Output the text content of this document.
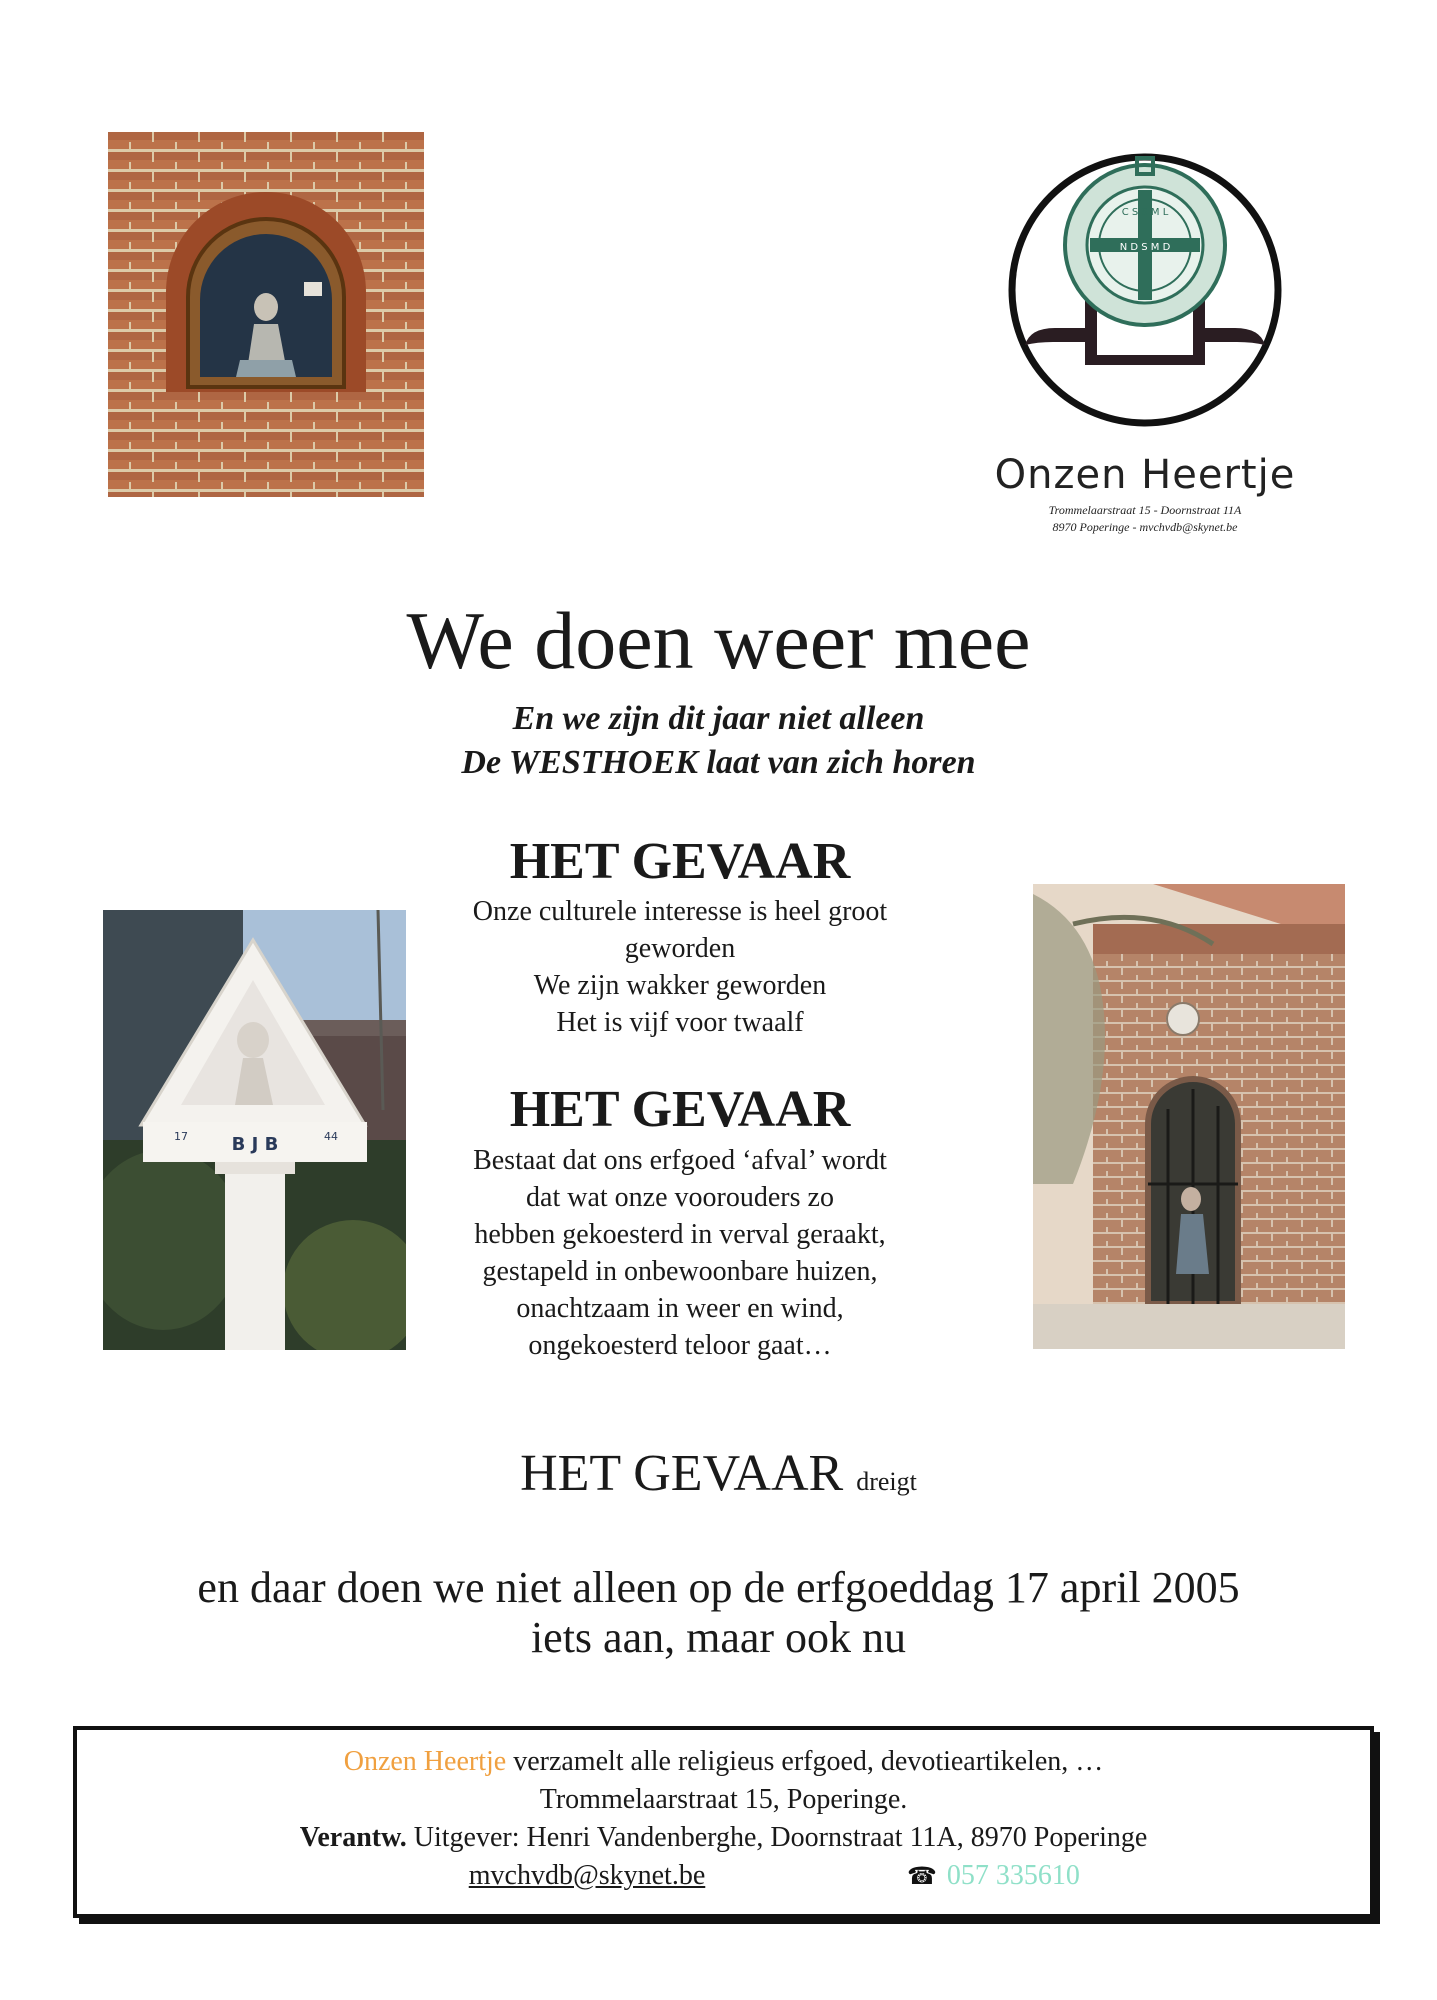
N D S M D
C S S M L
Onzen Heertje
Trommelaarstraat 15 - Doornstraat 11A
8970 Poperinge - mvchvdb@skynet.be
We doen weer mee
En we zijn dit jaar niet alleen
De WESTHOEK laat van zich horen
HET GEVAAR
Onze culturele interesse is heel groot
geworden
We zijn wakker geworden
Het is vijf voor twaalf
HET GEVAAR
Bestaat dat ons erfgoed ‘afval’ wordt
dat wat onze voorouders zo
hebben gekoesterd in verval geraakt,
gestapeld in onbewoonbare huizen,
onachtzaam in weer en wind,
ongekoesterd teloor gaat…
B J B
17	44
HET GEVAAR dreigt
en daar doen we niet alleen op de erfgoeddag 17 april 2005
iets aan, maar ook nu
Onzen Heertje verzamelt alle religieus erfgoed, devotieartikelen, …
Trommelaarstraat 15, Poperinge.
Verantw. Uitgever: Henri Vandenberghe, Doornstraat 11A, 8970 Poperinge
mvchvdb@skynet.be	☎ 057 335610
